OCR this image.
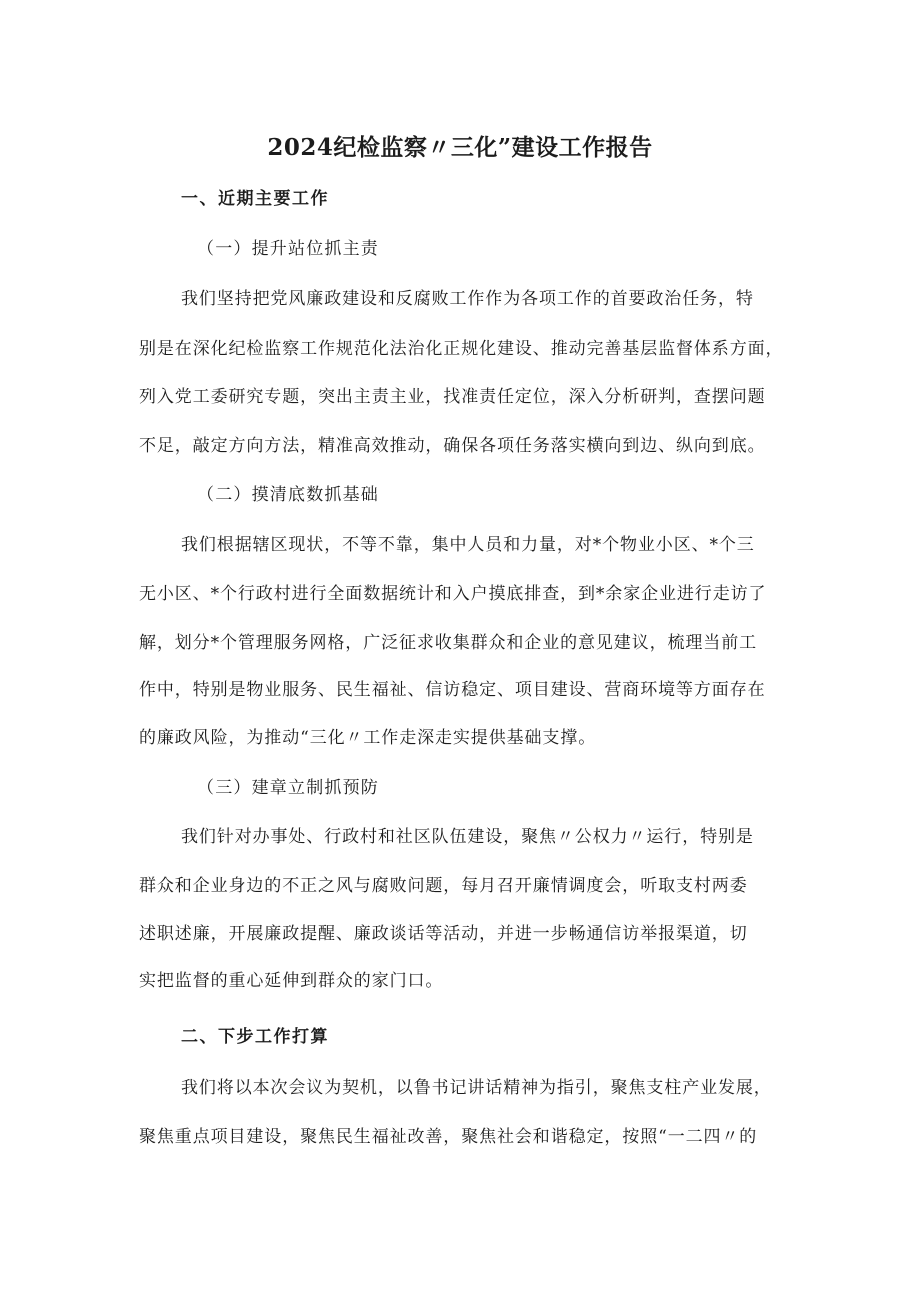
2024纪检监察〃三化”建设工作报告
一、近期主要工作
（一）提升站位抓主责
我们坚持把党风廉政建设和反腐败工作作为各项工作的首要政治任务，特
别是在深化纪检监察工作规范化法治化正规化建设、推动完善基层监督体系方面，
列入党工委研究专题，突出主责主业，找准责任定位，深入分析研判，查摆问题
不足，敲定方向方法，精准高效推动，确保各项任务落实横向到边、纵向到底。
（二）摸清底数抓基础
我们根据辖区现状，不等不靠，集中人员和力量，对*个物业小区、*个三
无小区、*个行政村进行全面数据统计和入户摸底排查，到*余家企业进行走访了
解，划分*个管理服务网格，广泛征求收集群众和企业的意见建议，梳理当前工
作中，特别是物业服务、民生福祉、信访稳定、项目建设、营商环境等方面存在
的廉政风险，为推动“三化〃工作走深走实提供基础支撑。
（三）建章立制抓预防
我们针对办事处、行政村和社区队伍建设，聚焦〃公权力〃运行，特别是
群众和企业身边的不正之风与腐败问题，每月召开廉情调度会，听取支村两委
述职述廉，开展廉政提醒、廉政谈话等活动，并进一步畅通信访举报渠道，切
实把监督的重心延伸到群众的家门口。
二、下步工作打算
我们将以本次会议为契机，以鲁书记讲话精神为指引，聚焦支柱产业发展，
聚焦重点项目建设，聚焦民生福祉改善，聚焦社会和谐稳定，按照“一二四〃的
